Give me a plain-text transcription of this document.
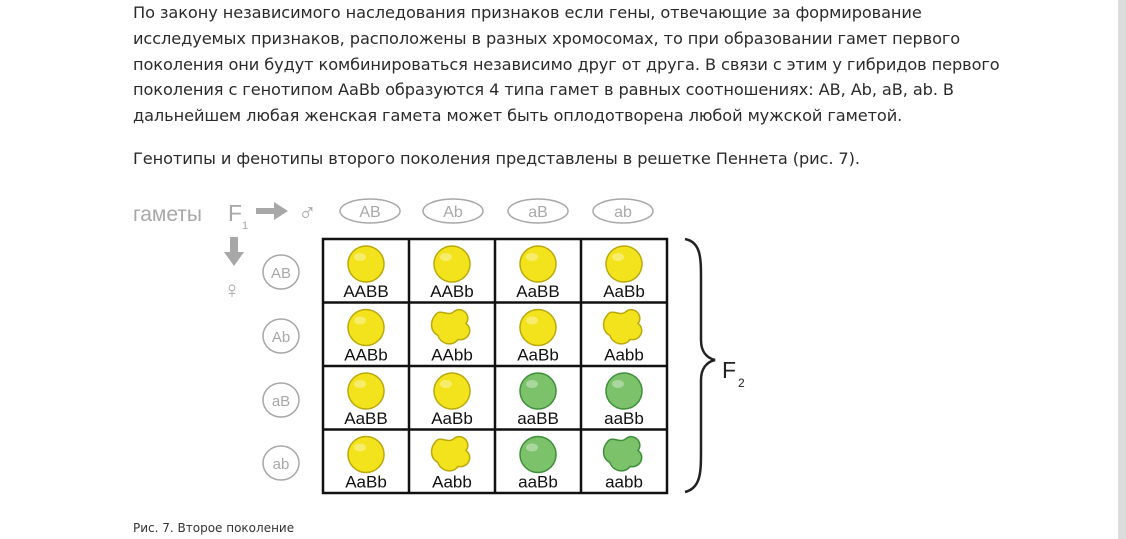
По закону независимого наследования признаков если гены, отвечающие за формирование исследуемых признаков, расположены в разных хромосомах, то при образовании гамет первого поколения они будут комбинироваться независимо друг от друга. В связи с этим у гибридов первого поколения с генотипом AaBb образуются 4 типа гамет в равных соотношениях: AB, Ab, aB, ab. В дальнейшем любая женская гамета может быть оплодотворена любой мужской гаметой.

Генотипы и фенотипы второго поколения представлены в решетке Пеннета (рис. 7).

гаметы F 1 ♂
♀
AB	Ab	aB	ab
AB
Ab
aB
ab
AABB AABb	AaBB	AaBb
AABb	AAbb	AaBb	Aabb
AaBB	AaBb	aaBB	aaBb
AaBb	Aabb	aaBb	aabb
F 2

Рис. 7. Второе поколение
